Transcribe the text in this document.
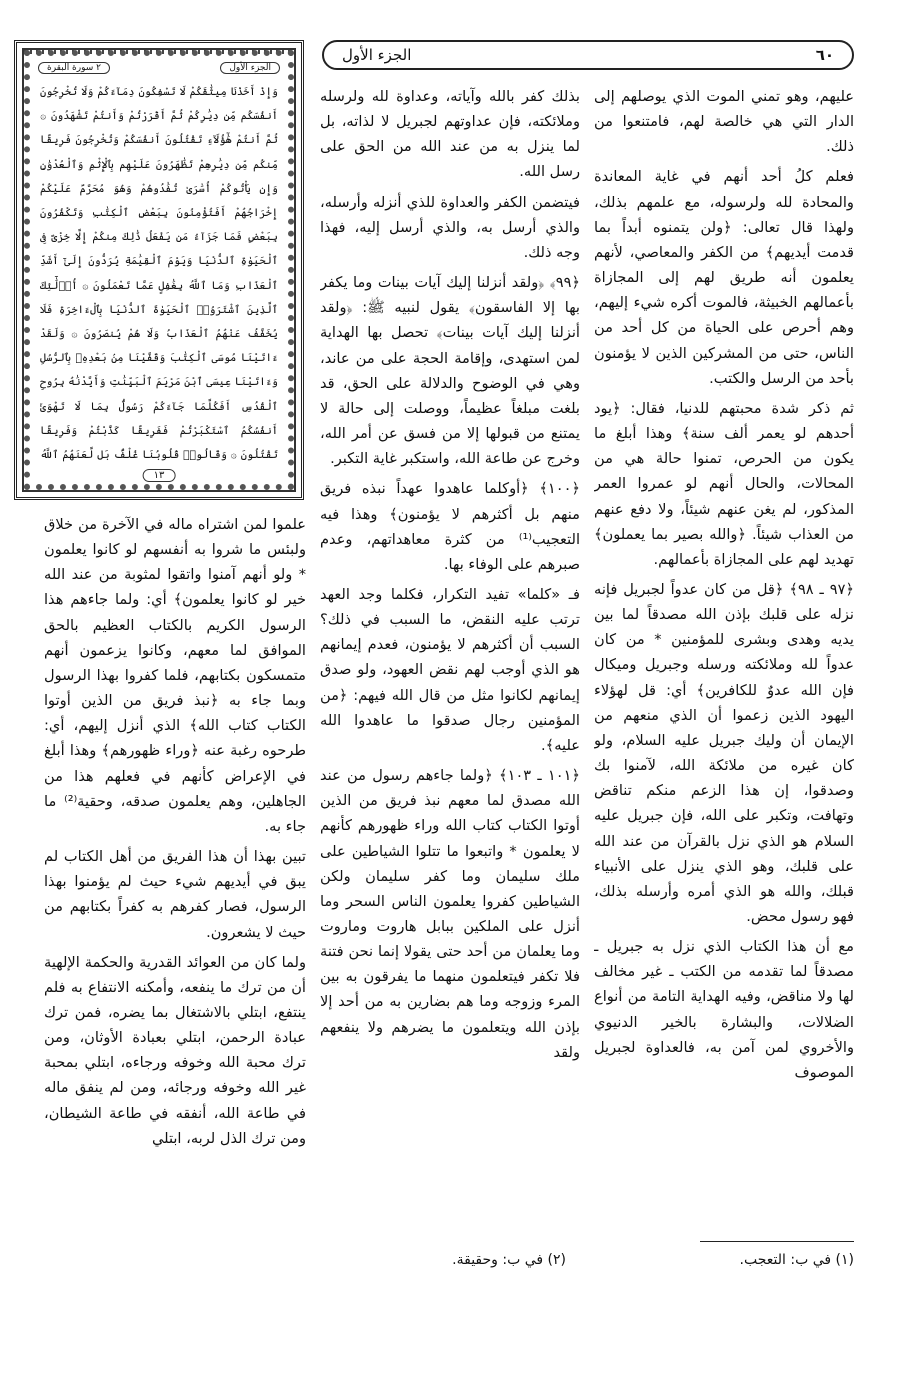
٦٠
الجزء الأول
الجزء الأول
٢ سورة البقرة
وَإِذْ أَخَذْنَا مِيثَٰقَكُمْ لَا تَسْفِكُونَ دِمَآءَكُمْ وَلَا تُخْرِجُونَ أَنفُسَكُم مِّن دِيَٰرِكُمْ ثُمَّ أَقْرَرْتُمْ وَأَنتُمْ تَشْهَدُونَ ۞ ثُمَّ أَنتُمْ هَٰٓؤُلَآءِ تَقْتُلُونَ أَنفُسَكُمْ وَتُخْرِجُونَ فَرِيقًا مِّنكُم مِّن دِيَٰرِهِمْ تَظَٰهَرُونَ عَلَيْهِم بِٱلْإِثْمِ وَٱلْعُدْوَٰنِ وَإِن يَأْتُوكُمْ أُسَٰرَىٰ تُفَٰدُوهُمْ وَهُوَ مُحَرَّمٌ عَلَيْكُمْ إِخْرَاجُهُمْ أَفَتُؤْمِنُونَ بِبَعْضِ ٱلْكِتَٰبِ وَتَكْفُرُونَ بِبَعْضٍ فَمَا جَزَآءُ مَن يَفْعَلُ ذَٰلِكَ مِنكُمْ إِلَّا خِزْىٌ فِى ٱلْحَيَوٰةِ ٱلدُّنْيَا وَيَوْمَ ٱلْقِيَٰمَةِ يُرَدُّونَ إِلَىٰٓ أَشَدِّ ٱلْعَذَابِ وَمَا ٱللَّهُ بِغَٰفِلٍ عَمَّا تَعْمَلُونَ ۞ أُو۟لَٰٓئِكَ ٱلَّذِينَ ٱشْتَرَوُا۟ ٱلْحَيَوٰةَ ٱلدُّنْيَا بِٱلْءَاخِرَةِ فَلَا يُخَفَّفُ عَنْهُمُ ٱلْعَذَابُ وَلَا هُمْ يُنصَرُونَ ۞ وَلَقَدْ ءَاتَيْنَا مُوسَى ٱلْكِتَٰبَ وَقَفَّيْنَا مِنۢ بَعْدِهِۦ بِٱلرُّسُلِ وَءَاتَيْنَا عِيسَى ٱبْنَ مَرْيَمَ ٱلْبَيِّنَٰتِ وَأَيَّدْنَٰهُ بِرُوحِ ٱلْقُدُسِ أَفَكُلَّمَا جَآءَكُمْ رَسُولٌۢ بِمَا لَا تَهْوَىٰٓ أَنفُسُكُمُ ٱسْتَكْبَرْتُمْ فَفَرِيقًا كَذَّبْتُمْ وَفَرِيقًا تَقْتُلُونَ ۞ وَقَالُوا۟ قُلُوبُنَا غُلْفٌۢ بَل لَّعَنَهُمُ ٱللَّهُ
١٣

عليهم، وهو تمني الموت الذي يوصلهم إلى الدار التي هي خالصة لهم، فامتنعوا من ذلك.

فعلم كلُ أحد أنهم في غاية المعاندة والمحادة لله ولرسوله، مع علمهم بذلك، ولهذا قال تعالى: ﴿ولن يتمنوه أبداً بما قدمت أيديهم﴾ من الكفر والمعاصي، لأنهم يعلمون أنه طريق لهم إلى المجازاة بأعمالهم الخبيثة، فالموت أكره شيء إليهم، وهم أحرص على الحياة من كل أحد من الناس، حتى من المشركين الذين لا يؤمنون بأحد من الرسل والكتب.

ثم ذكر شدة محبتهم للدنيا، فقال: ﴿يود أحدهم لو يعمر ألف سنة﴾ وهذا أبلغ ما يكون من الحرص، تمنوا حالة هي من المحالات، والحال أنهم لو عمروا العمر المذكور، لم يغن عنهم شيئاً، ولا دفع عنهم من العذاب شيئاً. ﴿والله بصير بما يعملون﴾ تهديد لهم على المجازاة بأعمالهم.

﴿٩٧ ـ ٩٨﴾ ﴿قل من كان عدواً لجبريل فإنه نزله على قلبك بإذن الله مصدقاً لما بين يديه وهدى وبشرى للمؤمنين * من كان عدواً لله وملائكته ورسله وجبريل وميكال فإن الله عدوٌ للكافرين﴾ أي: قل لهؤلاء اليهود الذين زعموا أن الذي منعهم من الإيمان أن وليك جبريل عليه السلام، ولو كان غيره من ملائكة الله، لآمنوا بك وصدقوا، إن هذا الزعم منكم تناقض وتهافت، وتكبر على الله، فإن جبريل عليه السلام هو الذي نزل بالقرآن من عند الله على قلبك، وهو الذي ينزل على الأنبياء قبلك، والله هو الذي أمره وأرسله بذلك، فهو رسول محض.

مع أن هذا الكتاب الذي نزل به جبريل ـ مصدقاً لما تقدمه من الكتب ـ غير مخالف لها ولا مناقض، وفيه الهداية التامة من أنواع الضلالات، والبشارة بالخير الدنيوي والأخروي لمن آمن به، فالعداوة لجبريل الموصوف

بذلك كفر بالله وآياته، وعداوة لله ولرسله وملائكته، فإن عداوتهم لجبريل لا لذاته، بل لما ينزل به من عند الله من الحق على رسل الله.

فيتضمن الكفر والعداوة للذي أنزله وأرسله، والذي أرسل به، والذي أرسل إليه، فهذا وجه ذلك.

﴿٩٩﴾ ﴿ولقد أنزلنا إليك آيات بينات وما يكفر بها إلا الفاسقون﴾ يقول لنبيه ﷺ: ﴿ولقد أنزلنا إليك آيات بينات﴾ تحصل بها الهداية لمن استهدى، وإقامة الحجة على من عاند، وهي في الوضوح والدلالة على الحق، قد بلغت مبلغاً عظيماً، ووصلت إلى حالة لا يمتنع من قبولها إلا من فسق عن أمر الله، وخرج عن طاعة الله، واستكبر غاية التكبر.

﴿١٠٠﴾ ﴿أوكلما عاهدوا عهداً نبذه فريق منهم بل أكثرهم لا يؤمنون﴾ وهذا فيه التعجيب⁽¹⁾ من كثرة معاهداتهم، وعدم صبرهم على الوفاء بها.

فـ «كلما» تفيد التكرار، فكلما وجد العهد ترتب عليه النقض، ما السبب في ذلك؟ السبب أن أكثرهم لا يؤمنون، فعدم إيمانهم هو الذي أوجب لهم نقض العهود، ولو صدق إيمانهم لكانوا مثل من قال الله فيهم: ﴿من المؤمنين رجال صدقوا ما عاهدوا الله عليه﴾.

﴿١٠١ ـ ١٠٣﴾ ﴿ولما جاءهم رسول من عند الله مصدق لما معهم نبذ فريق من الذين أوتوا الكتاب كتاب الله وراء ظهورهم كأنهم لا يعلمون * واتبعوا ما تتلوا الشياطين على ملك سليمان وما كفر سليمان ولكن الشياطين كفروا يعلمون الناس السحر وما أنزل على الملكين ببابل هاروت وماروت وما يعلمان من أحد حتى يقولا إنما نحن فتنة فلا تكفر فيتعلمون منهما ما يفرقون به بين المرء وزوجه وما هم بضارين به من أحد إلا بإذن الله ويتعلمون ما يضرهم ولا ينفعهم ولقد

علموا لمن اشتراه ماله في الآخرة من خلاق ولبئس ما شروا به أنفسهم لو كانوا يعلمون * ولو أنهم آمنوا واتقوا لمثوبة من عند الله خير لو كانوا يعلمون﴾ أي: ولما جاءهم هذا الرسول الكريم بالكتاب العظيم بالحق الموافق لما معهم، وكانوا يزعمون أنهم متمسكون بكتابهم، فلما كفروا بهذا الرسول وبما جاء به ﴿نبذ فريق من الذين أوتوا الكتاب كتاب الله﴾ الذي أنزل إليهم، أي: طرحوه رغبة عنه ﴿وراء ظهورهم﴾ وهذا أبلغ في الإعراض كأنهم في فعلهم هذا من الجاهلين، وهم يعلمون صدقه، وحقية⁽²⁾ ما جاء به.

تبين بهذا أن هذا الفريق من أهل الكتاب لم يبق في أيديهم شيء حيث لم يؤمنوا بهذا الرسول، فصار كفرهم به كفراً بكتابهم من حيث لا يشعرون.

ولما كان من العوائد القدرية والحكمة الإلهية أن من ترك ما ينفعه، وأمكنه الانتفاع به فلم ينتفع، ابتلي بالاشتغال بما يضره، فمن ترك عبادة الرحمن، ابتلي بعبادة الأوثان، ومن ترك محبة الله وخوفه ورجاءه، ابتلي بمحبة غير الله وخوفه ورجائه، ومن لم ينفق ماله في طاعة الله، أنفقه في طاعة الشيطان، ومن ترك الذل لربه، ابتلي

(١) في ب: التعجب.
(٢) في ب: وحقيقة.
